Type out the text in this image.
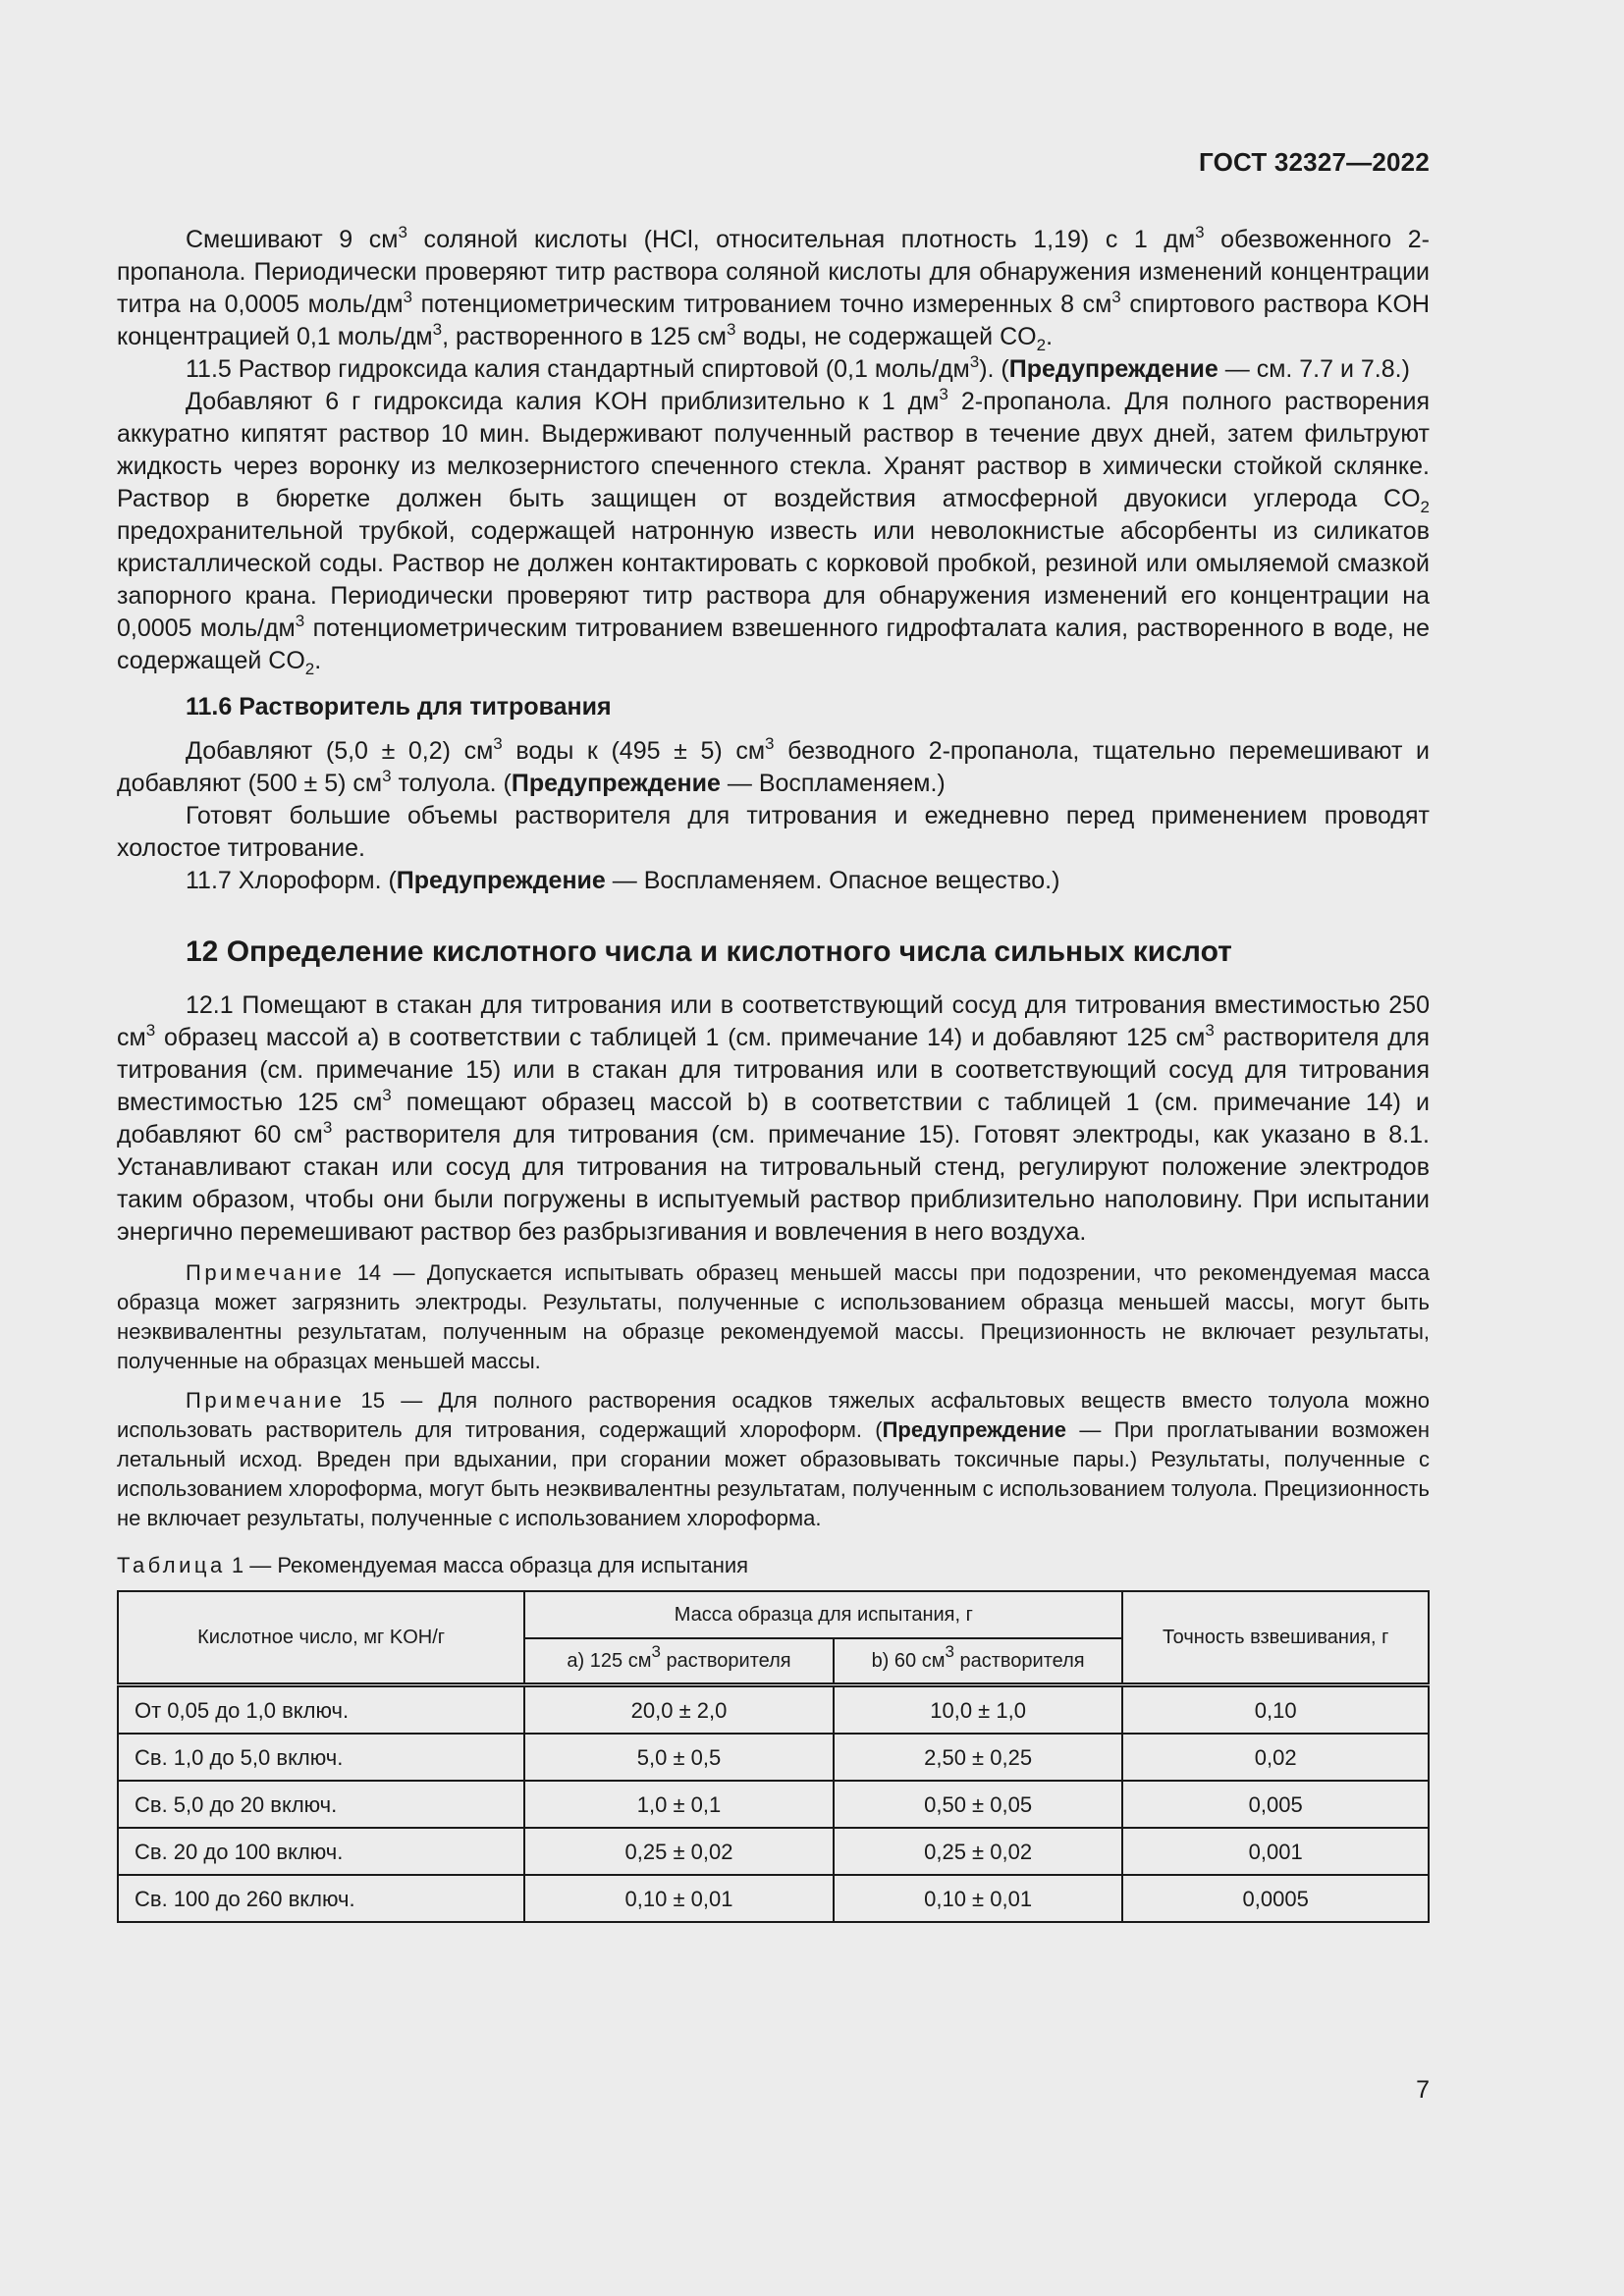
ГОСТ 32327—2022

Смешивают 9 $см^3$ соляной кислоты (HCl, относительная плотность 1,19) с 1 $дм^3$ обезвоженного 2-пропанола. Периодически проверяют титр раствора соляной кислоты для обнаружения изменений концентрации титра на 0,0005 моль/$дм^3$ потенциометрическим титрованием точно измеренных 8 $см^3$ спиртового раствора KOH концентрацией 0,1 моль/$дм^3$, растворенного в 125 $см^3$ воды, не содержащей $CO_2$.

11.5 Раствор гидроксида калия стандартный спиртовой (0,1 моль/$дм^3$). (Предупреждение — см. 7.7 и 7.8.)

Добавляют 6 г гидроксида калия KOH приблизительно к 1 $дм^3$ 2-пропанола. Для полного растворения аккуратно кипятят раствор 10 мин. Выдерживают полученный раствор в течение двух дней, затем фильтруют жидкость через воронку из мелкозернистого спеченного стекла. Хранят раствор в химически стойкой склянке. Раствор в бюретке должен быть защищен от воздействия атмосферной двуокиси углерода $CO_2$ предохранительной трубкой, содержащей натронную известь или неволокнистые абсорбенты из силикатов кристаллической соды. Раствор не должен контактировать с корковой пробкой, резиной или омыляемой смазкой запорного крана. Периодически проверяют титр раствора для обнаружения изменений его концентрации на 0,0005 моль/$дм^3$ потенциометрическим титрованием взвешенного гидрофталата калия, растворенного в воде, не содержащей $CO_2$.

11.6 Растворитель для титрования

Добавляют (5,0 ± 0,2) $см^3$ воды к (495 ± 5) $см^3$ безводного 2-пропанола, тщательно перемешивают и добавляют (500 ± 5) $см^3$ толуола. (Предупреждение — Воспламеняем.)

Готовят большие объемы растворителя для титрования и ежедневно перед применением проводят холостое титрование.

11.7 Хлороформ. (Предупреждение — Воспламеняем. Опасное вещество.)

12 Определение кислотного числа и кислотного числа сильных кислот

12.1 Помещают в стакан для титрования или в соответствующий сосуд для титрования вместимостью 250 $см^3$ образец массой a) в соответствии с таблицей 1 (см. примечание 14) и добавляют 125 $см^3$ растворителя для титрования (см. примечание 15) или в стакан для титрования или в соответствующий сосуд для титрования вместимостью 125 $см^3$ помещают образец массой b) в соответствии с таблицей 1 (см. примечание 14) и добавляют 60 $см^3$ растворителя для титрования (см. примечание 15). Готовят электроды, как указано в 8.1. Устанавливают стакан или сосуд для титрования на титровальный стенд, регулируют положение электродов таким образом, чтобы они были погружены в испытуемый раствор приблизительно наполовину. При испытании энергично перемешивают раствор без разбрызгивания и вовлечения в него воздуха.

Примечание 14 — Допускается испытывать образец меньшей массы при подозрении, что рекомендуемая масса образца может загрязнить электроды. Результаты, полученные с использованием образца меньшей массы, могут быть неэквивалентны результатам, полученным на образце рекомендуемой массы. Прецизионность не включает результаты, полученные на образцах меньшей массы.

Примечание 15 — Для полного растворения осадков тяжелых асфальтовых веществ вместо толуола можно использовать растворитель для титрования, содержащий хлороформ. (Предупреждение — При проглатывании возможен летальный исход. Вреден при вдыхании, при сгорании может образовывать токсичные пары.) Результаты, полученные с использованием хлороформа, могут быть неэквивалентны результатам, полученным с использованием толуола. Прецизионность не включает результаты, полученные с использованием хлороформа.

Таблица 1 — Рекомендуемая масса образца для испытания

Кислотное число, мг KOH/г	Масса образца для испытания, г		Точность взвешивания, г
	a) 125 $см^3$ растворителя	b) 60 $см^3$ растворителя	
От 0,05 до 1,0 включ.	20,0 ± 2,0	10,0 ± 1,0	0,10
Св. 1,0 до 5,0 включ.	5,0 ± 0,5	2,50 ± 0,25	0,02
Св. 5,0 до 20 включ.	1,0 ± 0,1	0,50 ± 0,05	0,005
Св. 20 до 100 включ.	0,25 ± 0,02	0,25 ± 0,02	0,001
Св. 100 до 260 включ.	0,10 ± 0,01	0,10 ± 0,01	0,0005
7
